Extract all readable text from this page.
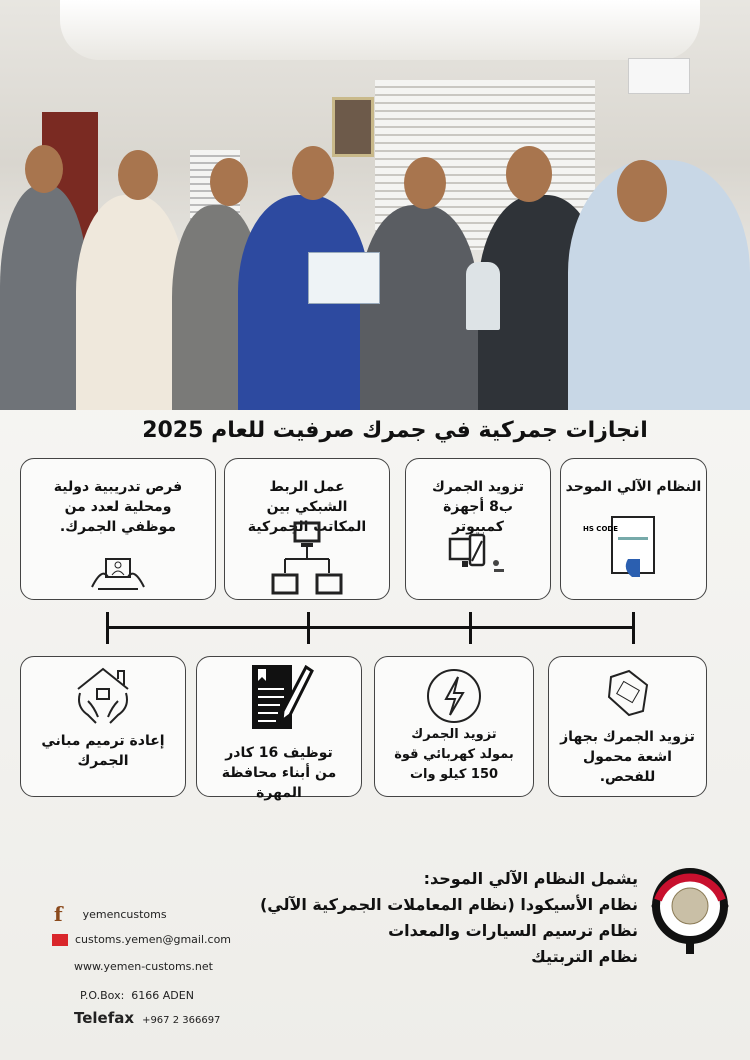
انجازات جمركية في جمرك صرفيت للعام 2025
النظام الآلي الموحد
HS CODE
تزويد الجمرك ب8 أجهزة كمبيوتر
عمل الربط الشبكي بين المكاتب الجمركية
فرص تدريبية دولية ومحلية لعدد من موظفي الجمرك.
تزويد الجمرك بجهاز اشعة محمول للفحص.
تزويد الجمرك بمولد كهربائي قوة 150 كيلو وات
توظيف 16 كادر من أبناء محافظة المهرة
إعادة ترميم مباني الجمرك
يشمل النظام الآلي الموحد:
نظام الأسيكودا (نظام المعاملات الجمركية الآلي)
نظام ترسيم السيارات والمعدات
نظام التربتيك
f yemencustoms
customs.yemen@gmail.com
www.yemen-customs.net
P.O.Box: 6166 ADEN
Telefax +967 2 366697
